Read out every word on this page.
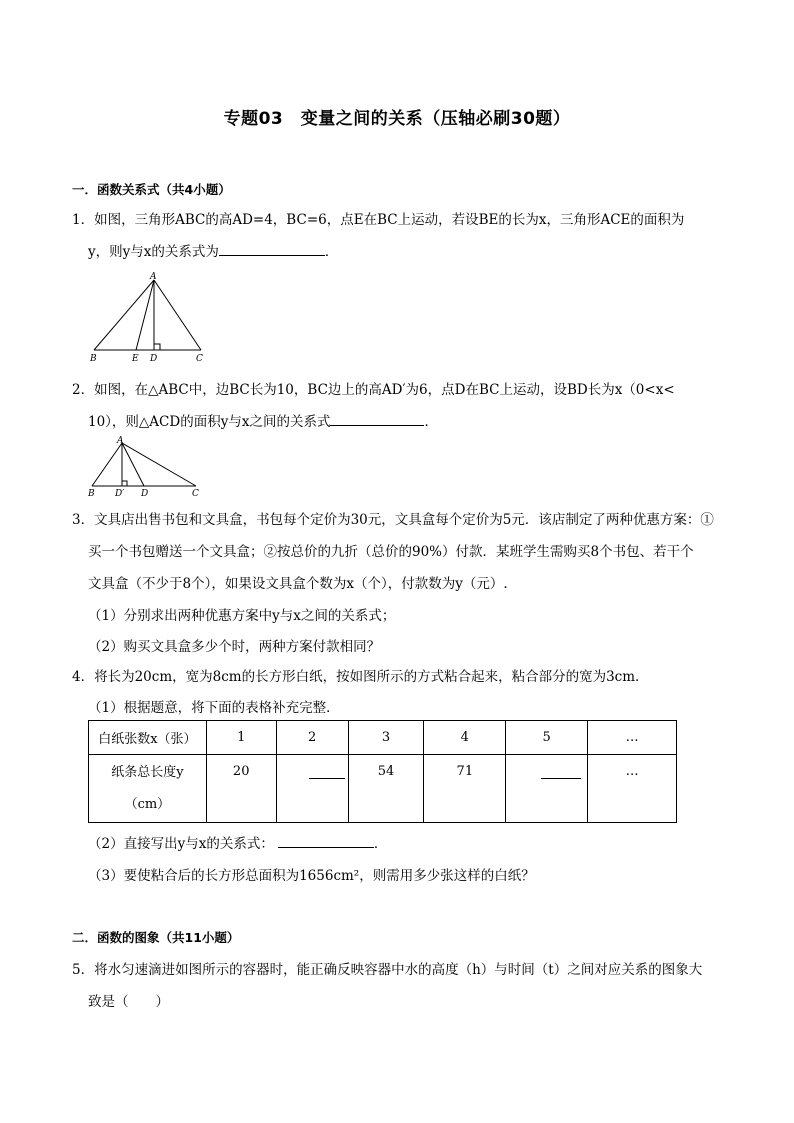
专题03　变量之间的关系（压轴必刷30题）
一．函数关系式（共4小题）
1．如图，三角形ABC的高AD=4，BC=6，点E在BC上运动，若设BE的长为x，三角形ACE的面积为
y，则y与x的关系式为	．
A
B	E D	C
2．如图，在△ABC中，边BC长为10，BC边上的高AD′为6，点D在BC上运动，设BD长为x（0<x<
10），则△ACD的面积y与x之间的关系式	．
A
B D′ D	C
3．文具店出售书包和文具盒，书包每个定价为30元，文具盒每个定价为5元．该店制定了两种优惠方案：①
买一个书包赠送一个文具盒；②按总价的九折（总价的90%）付款．某班学生需购买8个书包、若干个
文具盒（不少于8个），如果设文具盒个数为x（个），付款数为y（元）.
（1）分别求出两种优惠方案中y与x之间的关系式；
（2）购买文具盒多少个时，两种方案付款相同？
4．将长为20cm，宽为8cm的长方形白纸，按如图所示的方式粘合起来，粘合部分的宽为3cm．
（1）根据题意，将下面的表格补充完整．
白纸张数x（张）	1	2	3	4	5	…

纸条总长度y
（cm）	20		54	71		…
（2）直接写出y与x的关系式：	．
（3）要使粘合后的长方形总面积为1656cm²，则需用多少张这样的白纸？
二．函数的图象（共11小题）
5．将水匀速滴进如图所示的容器时，能正确反映容器中水的高度（h）与时间（t）之间对应关系的图象大
致是（　　）
